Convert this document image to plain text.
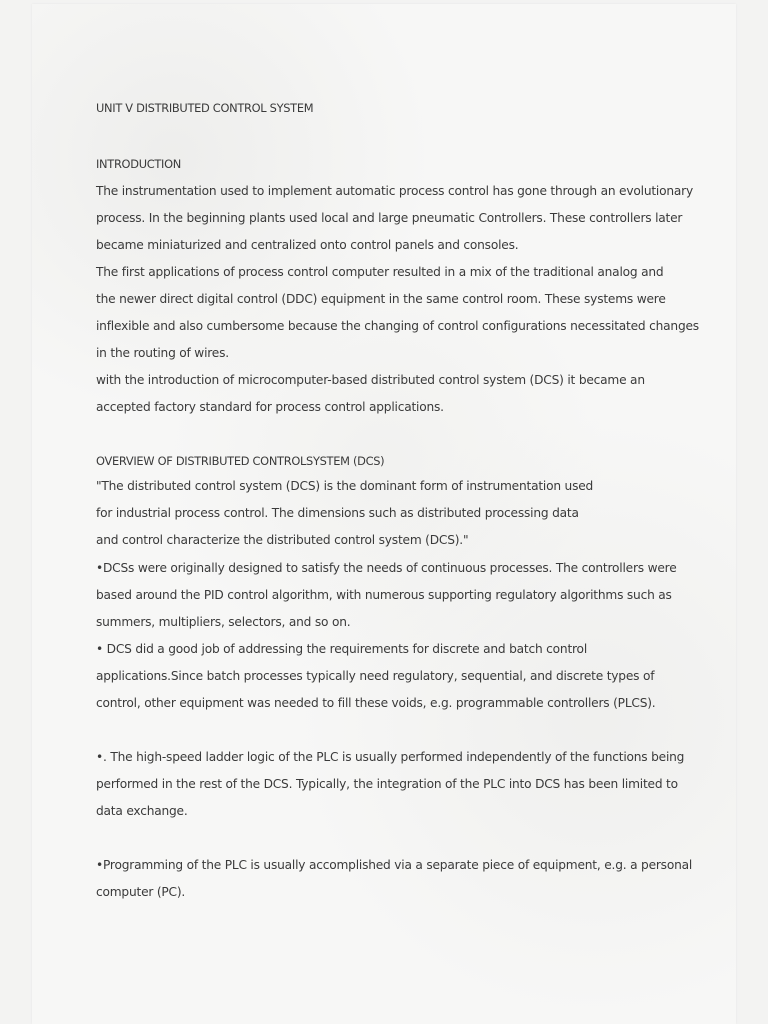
UNIT V DISTRIBUTED CONTROL SYSTEM
INTRODUCTION
The instrumentation used to implement automatic process control has gone through an evolutionary
process. In the beginning plants used local and large pneumatic Controllers. These controllers later
became miniaturized and centralized onto control panels and consoles.
The first applications of process control computer resulted in a mix of the traditional analog and
the newer direct digital control (DDC) equipment in the same control room. These systems were
inflexible and also cumbersome because the changing of control configurations necessitated changes
in the routing of wires.
with the introduction of microcomputer-based distributed control system (DCS) it became an
accepted factory standard for process control applications.
OVERVIEW OF DISTRIBUTED CONTROLSYSTEM (DCS)
"The distributed control system (DCS) is the dominant form of instrumentation used
for industrial process control. The dimensions such as distributed processing data
and control characterize the distributed control system (DCS)."
•DCSs were originally designed to satisfy the needs of continuous processes. The controllers were
based around the PID control algorithm, with numerous supporting regulatory algorithms such as
summers, multipliers, selectors, and so on.
• DCS did a good job of addressing the requirements for discrete and batch control
applications.Since batch processes typically need regulatory, sequential, and discrete types of
control, other equipment was needed to fill these voids, e.g. programmable controllers (PLCS).
•. The high-speed ladder logic of the PLC is usually performed independently of the functions being
performed in the rest of the DCS. Typically, the integration of the PLC into DCS has been limited to
data exchange.
•Programming of the PLC is usually accomplished via a separate piece of equipment, e.g. a personal
computer (PC).
